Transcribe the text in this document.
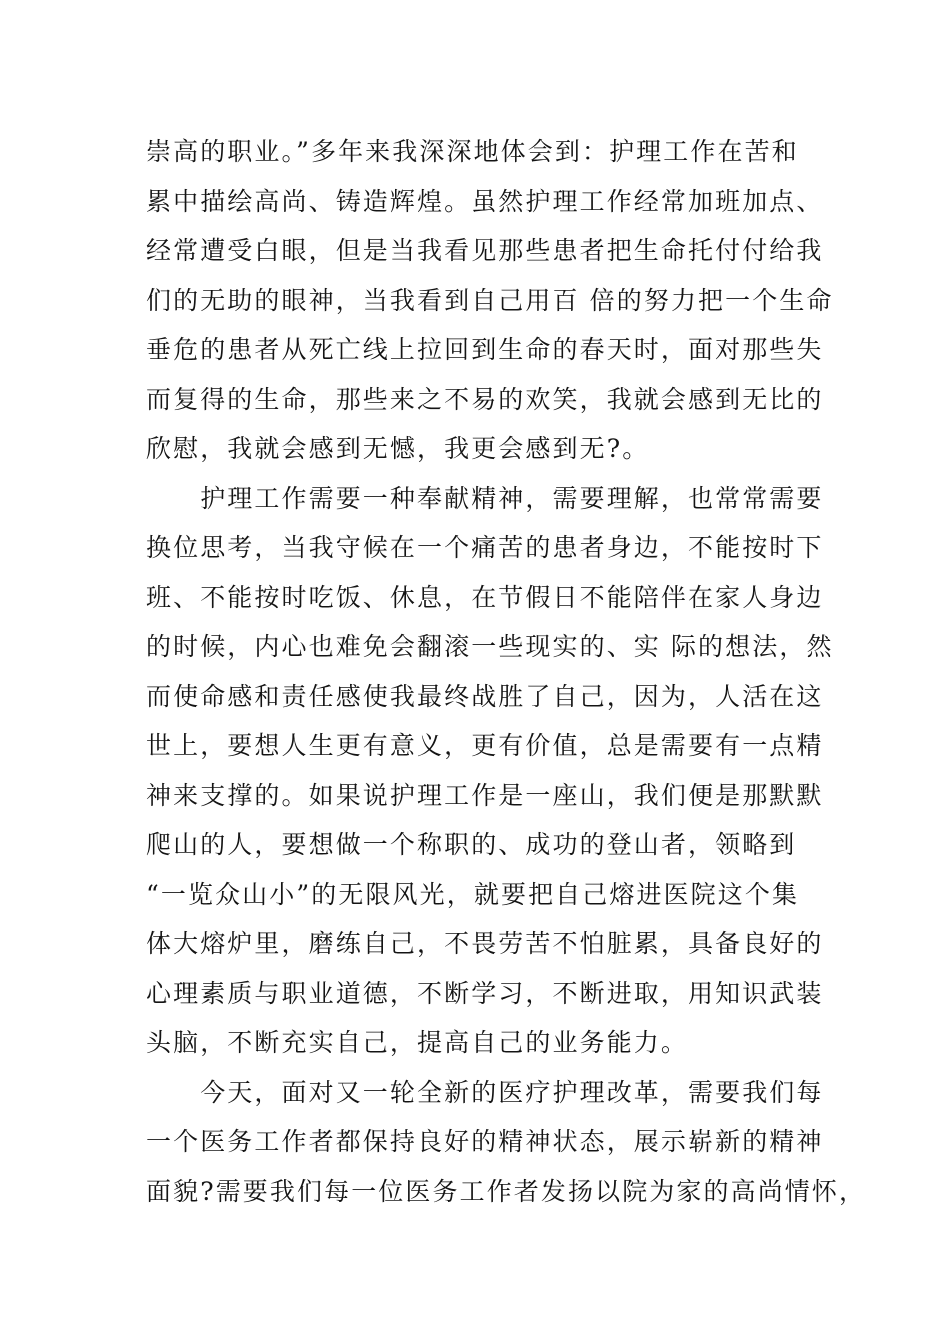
崇高的职业。”多年来我深深地体会到：护理工作在苦和
累中描绘高尚、铸造辉煌。虽然护理工作经常加班加点、
经常遭受白眼，但是当我看见那些患者把生命托付付给我
们的无助的眼神，当我看到自己用百 倍的努力把一个生命
垂危的患者从死亡线上拉回到生命的春天时，面对那些失
而复得的生命，那些来之不易的欢笑，我就会感到无比的
欣慰，我就会感到无憾，我更会感到无?。
　　护理工作需要一种奉献精神，需要理解，也常常需要
换位思考，当我守候在一个痛苦的患者身边，不能按时下
班、不能按时吃饭、休息，在节假日不能陪伴在家人身边
的时候，内心也难免会翻滚一些现实的、实 际的想法，然
而使命感和责任感使我最终战胜了自己，因为，人活在这
世上，要想人生更有意义，更有价值，总是需要有一点精
神来支撑的。如果说护理工作是一座山，我们便是那默默
爬山的人，要想做一个称职的、成功的登山者，领略到
“一览众山小”的无限风光，就要把自己熔进医院这个集
体大熔炉里，磨练自己，不畏劳苦不怕脏累，具备良好的
心理素质与职业道德，不断学习，不断进取，用知识武装
头脑，不断充实自己，提高自己的业务能力。
　　今天，面对又一轮全新的医疗护理改革，需要我们每
一个医务工作者都保持良好的精神状态，展示崭新的精神
面貌?需要我们每一位医务工作者发扬以院为家的高尚情怀，
